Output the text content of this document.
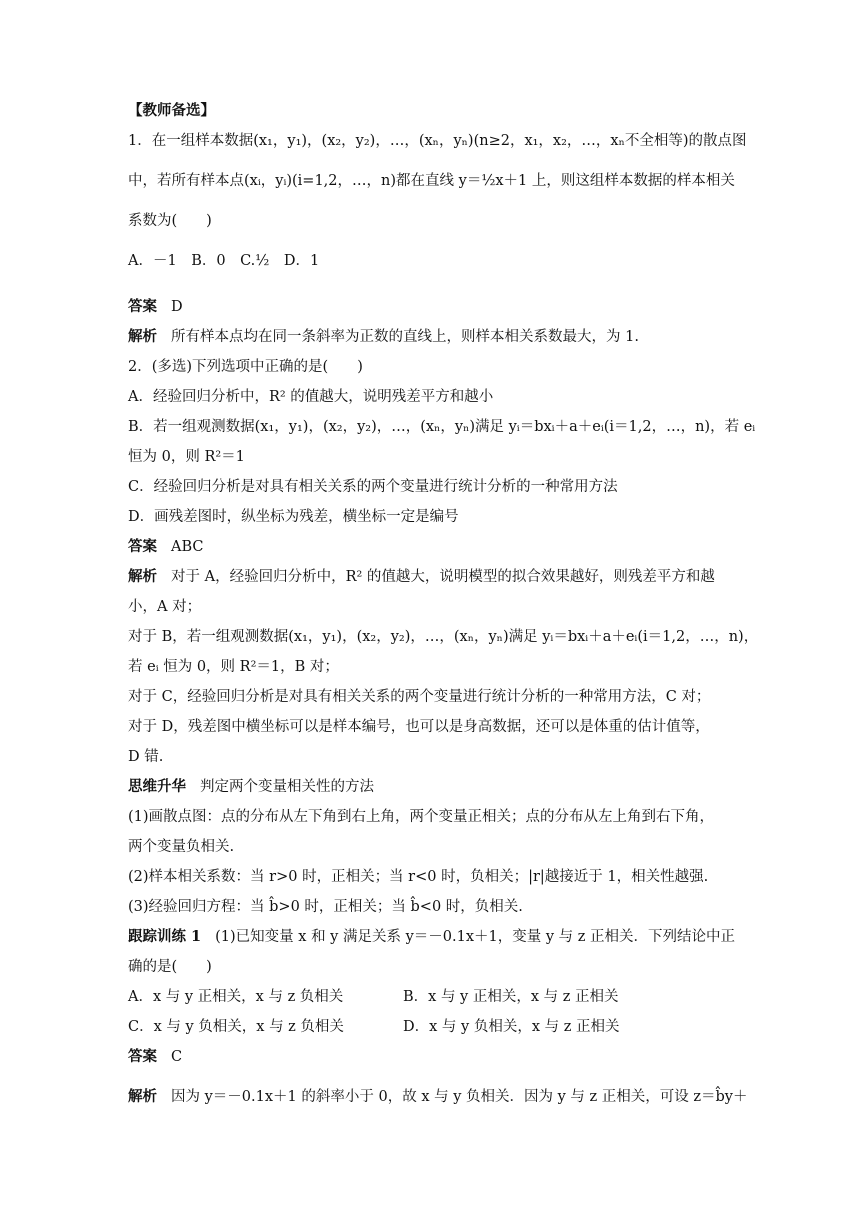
【教师备选】
1．在一组样本数据(x₁，y₁)，(x₂，y₂)，…，(xₙ，yₙ)(n≥2，x₁，x₂，…，xₙ不全相等)的散点图
中，若所有样本点(xᵢ，yᵢ)(i=1,2，…，n)都在直线 y＝½x＋1 上，则这组样本数据的样本相关
系数为(　　)
A．－1　B．0　C.½　D．1
答案 D
解析 所有样本点均在同一条斜率为正数的直线上，则样本相关系数最大，为 1.
2．(多选)下列选项中正确的是(　　)
A．经验回归分析中，R² 的值越大，说明残差平方和越小
B．若一组观测数据(x₁，y₁)，(x₂，y₂)，…，(xₙ，yₙ)满足 yᵢ＝bxᵢ＋a＋eᵢ(i＝1,2，…，n)，若 eᵢ
恒为 0，则 R²＝1
C．经验回归分析是对具有相关关系的两个变量进行统计分析的一种常用方法
D．画残差图时，纵坐标为残差，横坐标一定是编号
答案 ABC
解析 对于 A，经验回归分析中，R² 的值越大，说明模型的拟合效果越好，则残差平方和越
小，A 对；
对于 B，若一组观测数据(x₁，y₁)，(x₂，y₂)，…，(xₙ，yₙ)满足 yᵢ＝bxᵢ＋a＋eᵢ(i＝1,2，…，n)，
若 eᵢ 恒为 0，则 R²＝1，B 对；
对于 C，经验回归分析是对具有相关关系的两个变量进行统计分析的一种常用方法，C 对；
对于 D，残差图中横坐标可以是样本编号，也可以是身高数据，还可以是体重的估计值等，
D 错.
思维升华 判定两个变量相关性的方法
(1)画散点图：点的分布从左下角到右上角，两个变量正相关；点的分布从左上角到右下角，
两个变量负相关.
(2)样本相关系数：当 r>0 时，正相关；当 r<0 时，负相关；|r|越接近于 1，相关性越强.
(3)经验回归方程：当 b̂>0 时，正相关；当 b̂<0 时，负相关.
跟踪训练 1 (1)已知变量 x 和 y 满足关系 y＝－0.1x＋1，变量 y 与 z 正相关．下列结论中正
确的是(　　)
A．x 与 y 正相关，x 与 z 负相关	B．x 与 y 正相关，x 与 z 正相关
C．x 与 y 负相关，x 与 z 负相关	D．x 与 y 负相关，x 与 z 正相关
答案 C
解析 因为 y＝－0.1x＋1 的斜率小于 0，故 x 与 y 负相关．因为 y 与 z 正相关，可设 z＝b̂y＋
